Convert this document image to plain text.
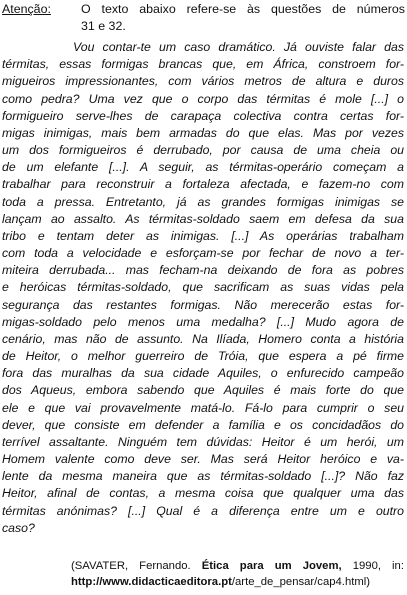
Atenção: O texto abaixo refere-se às questões de números
31 e 32.
Vou contar-te um caso dramático. Já ouviste falar das
térmitas, essas formigas brancas que, em África, constroem for-
migueiros impressionantes, com vários metros de altura e duros
como pedra? Uma vez que o corpo das térmitas é mole [...] o
formigueiro serve-lhes de carapaça colectiva contra certas for-
migas inimigas, mais bem armadas do que elas. Mas por vezes
um dos formigueiros é derrubado, por causa de uma cheia ou
de um elefante [...]. A seguir, as térmitas-operário começam a
trabalhar para reconstruir a fortaleza afectada, e fazem-no com
toda a pressa. Entretanto, já as grandes formigas inimigas se
lançam ao assalto. As térmitas-soldado saem em defesa da sua
tribo e tentam deter as inimigas. [...] As operárias trabalham
com toda a velocidade e esforçam-se por fechar de novo a ter-
miteira derrubada... mas fecham-na deixando de fora as pobres
e heróicas térmitas-soldado, que sacrificam as suas vidas pela
segurança das restantes formigas. Não merecerão estas for-
migas-soldado pelo menos uma medalha? [...] Mudo agora de
cenário, mas não de assunto. Na Ilíada, Homero conta a história
de Heitor, o melhor guerreiro de Tróia, que espera a pé firme
fora das muralhas da sua cidade Aquiles, o enfurecido campeão
dos Aqueus, embora sabendo que Aquiles é mais forte do que
ele e que vai provavelmente matá-lo. Fá-lo para cumprir o seu
dever, que consiste em defender a família e os concidadãos do
terrível assaltante. Ninguém tem dúvidas: Heitor é um herói, um
Homem valente como deve ser. Mas será Heitor heróico e va-
lente da mesma maneira que as térmitas-soldado [...]? Não faz
Heitor, afinal de contas, a mesma coisa que qualquer uma das
térmitas anónimas? [...] Qual é a diferença entre um e outro
caso?
(SAVATER, Fernando. Ética para um Jovem, 1990, in:
http://www.didacticaeditora.pt/arte_de_pensar/cap4.html)
